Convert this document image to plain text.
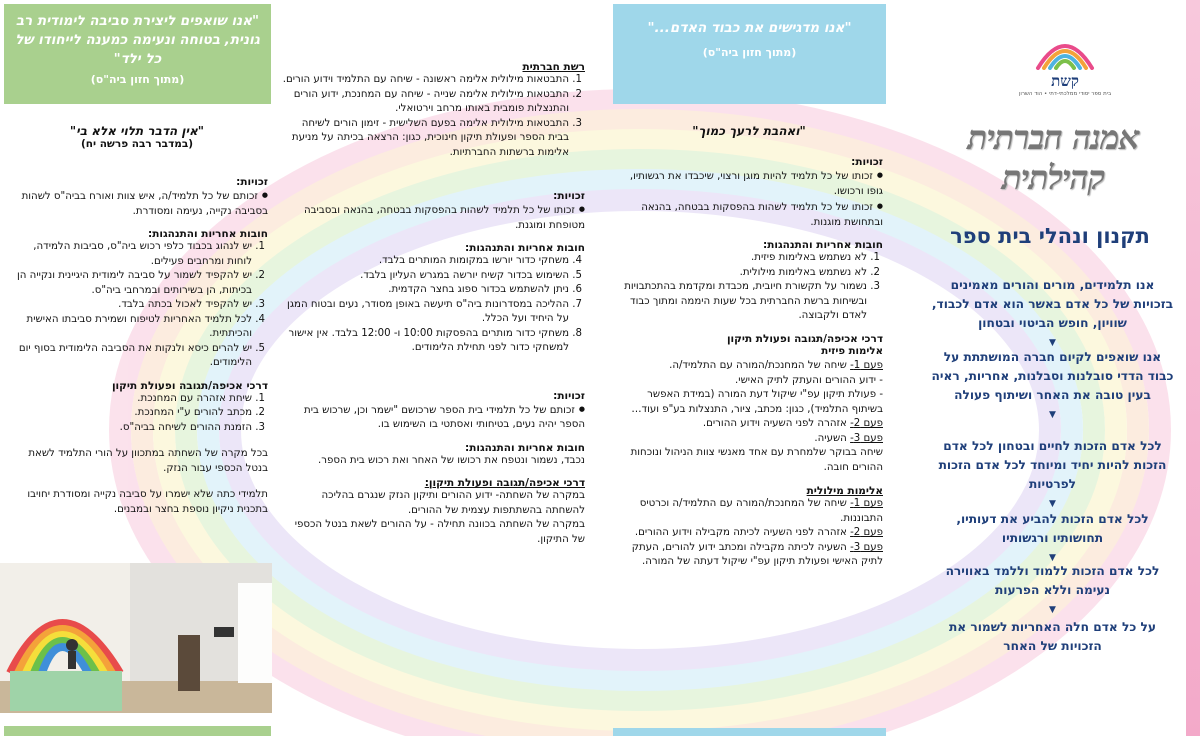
"אנו שואפים ליצירת סביבה לימודית רב גונית, בטוחה ונעימה כמענה לייחודו של כל ילד"
(מתוך חזון ביה"ס)
"אין הדבר תלוי אלא בי"
(במדבר רבה פרשה יח)
זכויות:
● זכותם של כל תלמיד/ה, איש צוות ואורח בביה"ס לשהות בסביבה נקייה, נעימה ומסודרת.
חובות אחריות והתנהגות:
1. יש לנהוג בכבוד כלפי רכוש ביה"ס, סביבות הלמידה, לוחות ומרחבים פעילים.
2. יש להקפיד לשמור על סביבה לימודית היגיינית ונקייה הן בכיתות, הן בשירותים ובמרחבי ביה"ס.
3. יש להקפיד לאכול בכתה בלבד.
4. לכל תלמיד האחריות לטיפוח ושמירת סביבתו האישית והכיתתית.
5. יש להרים כיסא ולנקות את הסביבה הלימודית בסוף יום הלימודים.
דרכי אכיפה/תגובה ופעולת תיקון
1. שיחת אזהרה עם המחנכת.
2. מכתב להורים ע"י המחנכת.
3. הזמנת ההורים לשיחה בביה"ס.

בכל מקרה של השחתה במתכוון על הורי התלמיד לשאת בנטל הכספי עבור הנזק.

תלמידי כתה שלא ישמרו על סביבה נקייה ומסודרת יחויבו בתכנית ניקיון נוספת בחצר ובמבנים.

רשת חברתית
1. התבטאות מילולית אלימה ראשונה - שיחה עם התלמיד וידוע הורים.
2. התבטאות מילולית אלימה שנייה - שיחה עם המחנכת, ידוע הורים והתנצלות פומבית באותו מרחב וירטואלי.
3. התבטאות מילולית אלימה בפעם השלישית - זימון הורים לשיחה בבית הספר ופעולת תיקון חינוכית, כגון: הרצאה בכיתה על מניעת אלימות ברשתות החברתיות.
זכויות:
● זכותו של כל תלמיד לשהות בהפסקות בבטחה, בהנאה ובסביבה מטופחת ומוגנת.
חובות אחריות והתנהגות:
4. משחקי כדור יורשו במקומות המותרים בלבד.
5. השימוש בכדור קשיח יורשה במגרש העליון בלבד.
6. ניתן להשתמש בכדור ספוג בחצר הקדמית.
7. ההליכה במסדרונות ביה"ס תיעשה באופן מסודר, נעים ובטוח המגן על היחיד ועל הכלל.
8. משחקי כדור מותרים בהפסקות 10:00 ו- 12:00 בלבד. אין אישור למשחקי כדור לפני תחילת הלימודים.
זכויות:
● זכותם של כל תלמידי בית הספר שרכושם "ישמר וכן, שרכוש בית הספר יהיה נעים, בטיחותי ואסתטי בו השימוש בו.
חובות אחריות והתנהגות:

נכבד, נשמור ונטפח את רכושו של האחר ואת רכוש בית הספר.

דרכי אכיפה/תגובה ופעולת תיקון:

במקרה של השחתה- ידוע ההורים ותיקון הנזק שנגרם בהליכה להשחתה בהשתתפות עצמית של ההורים.

במקרה של השחתה בכוונה תחילה - על ההורים לשאת בנטל הכספי של התיקון.

"אנו מדגישים את כבוד האדם..."
(מתוך חזון ביה"ס)
"ואהבת לרעך כמוך"
זכויות:
● זכותו של כל תלמיד להיות מוגן ורצוי, שיכבדו את רגשותיו, גופו ורכושו.
● זכותו של כל תלמיד לשהות בהפסקות בבטחה, בהנאה ובתחושת מוגנות.
חובות אחריות והתנהגות:
1. לא נשתמש באלימות פיזית.
2. לא נשתמש באלימות מילולית.
3. נשמור על תקשורת חיובית, מכבדת ומקדמת בהתכתבויות ובשיחות ברשת החברתית בכל שעות היממה ומתוך כבוד לאדם ולקבוצה.
דרכי אכיפה/תגובה ופעולת תיקון
אלימות פיזית

פעם 1- שיחה של המחנכת/המורה עם התלמיד/ה.

- ידוע ההורים והעתק לתיק האישי.

- פעולת תיקון עפ"י שיקול דעת המורה (במידת האפשר בשיתוף התלמיד), כגון: מכתב, ציור, התנצלות בע"פ ועוד…

פעם 2- אזהרה לפני השעיה וידוע ההורים.

פעם 3- השעיה.

שיחה בבוקר שלמחרת עם אחד מאנשי צוות הניהול ונוכחות ההורים חובה.

אלימות מילולית

פעם 1- שיחה של המחנכת/המורה עם התלמיד/ה וכרטיס התבוננות.

פעם 2- אזהרה לפני השעיה לכיתה מקבילה וידוע ההורים.

פעם 3- השעיה לכיתה מקבילה ומכתב ידוע להורים, העתק לתיק האישי ופעולת תיקון עפ"י שיקול דעתה של המורה.

קשת
בית ספר יסודי ממלכתי-דתי • הוד השרון
אמנה חברתית קהילתית
תקנון ונהלי בית ספר
אנו תלמידים, מורים והורים מאמינים בזכויות של כל אדם באשר הוא אדם לכבוד, שוויון, חופש הביטוי ובטחון
▼
אנו שואפים לקיום חברה המושתתת על כבוד הדדי סובלנות וסבלנות, אחריות, ראיה בעין טובה את האחר ושיתוף פעולה
▼
לכל אדם הזכות לחיים ובטחון לכל אדם הזכות להיות יחיד ומיוחד לכל אדם הזכות לפרטיות
▼
לכל אדם הזכות להביע את דעותיו, תחושותיו ורגשותיו
▼
לכל אדם הזכות ללמוד וללמד באווירה נעימה וללא הפרעות
▼
על כל אדם חלה האחריות לשמור את הזכויות של האחר
